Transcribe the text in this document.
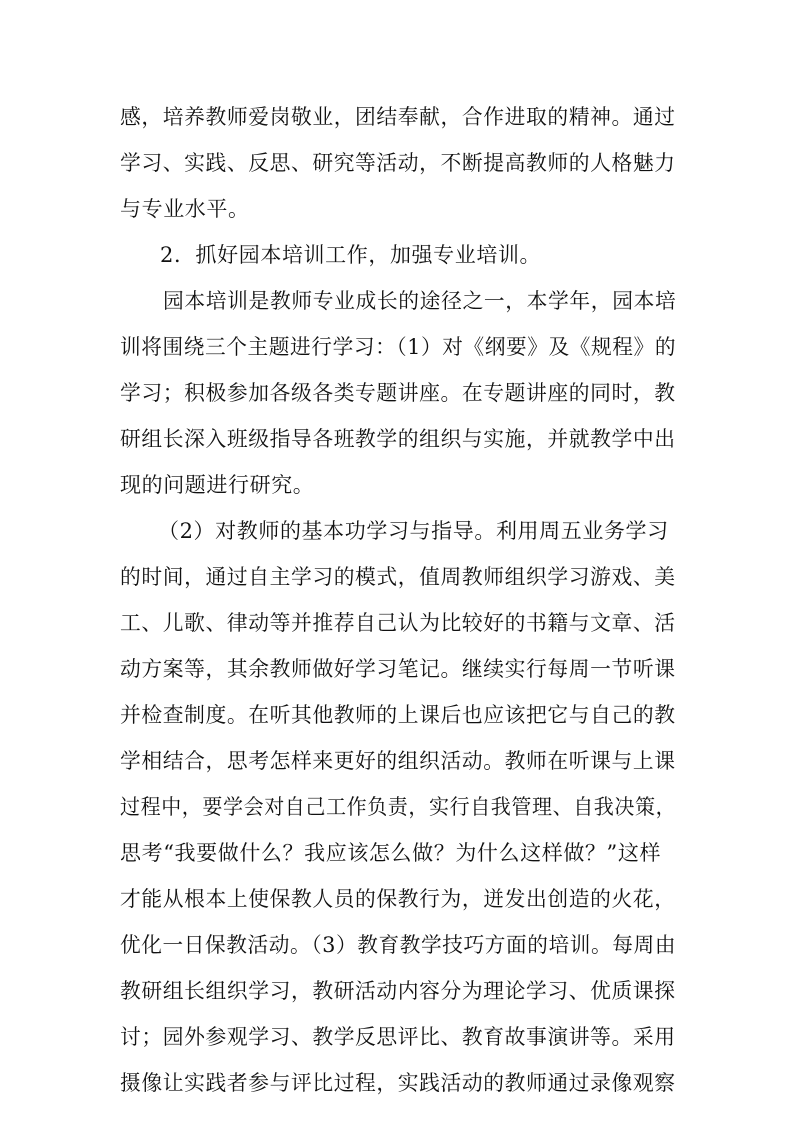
感，培养教师爱岗敬业，团结奉献，合作进取的精神。通过
学习、实践、反思、研究等活动，不断提高教师的人格魅力
与专业水平。
2．抓好园本培训工作，加强专业培训。
园本培训是教师专业成长的途径之一，本学年，园本培
训将围绕三个主题进行学习：（1）对《纲要》及《规程》的
学习；积极参加各级各类专题讲座。在专题讲座的同时，教
研组长深入班级指导各班教学的组织与实施，并就教学中出
现的问题进行研究。
（2）对教师的基本功学习与指导。利用周五业务学习
的时间，通过自主学习的模式，值周教师组织学习游戏、美
工、儿歌、律动等并推荐自己认为比较好的书籍与文章、活
动方案等，其余教师做好学习笔记。继续实行每周一节听课
并检查制度。在听其他教师的上课后也应该把它与自己的教
学相结合，思考怎样来更好的组织活动。教师在听课与上课
过程中，要学会对自己工作负责，实行自我管理、自我决策，
思考“我要做什么？我应该怎么做？为什么这样做？”这样
才能从根本上使保教人员的保教行为，迸发出创造的火花，
优化一日保教活动。（3）教育教学技巧方面的培训。每周由
教研组长组织学习，教研活动内容分为理论学习、优质课探
讨；园外参观学习、教学反思评比、教育故事演讲等。采用
摄像让实践者参与评比过程，实践活动的教师通过录像观察
